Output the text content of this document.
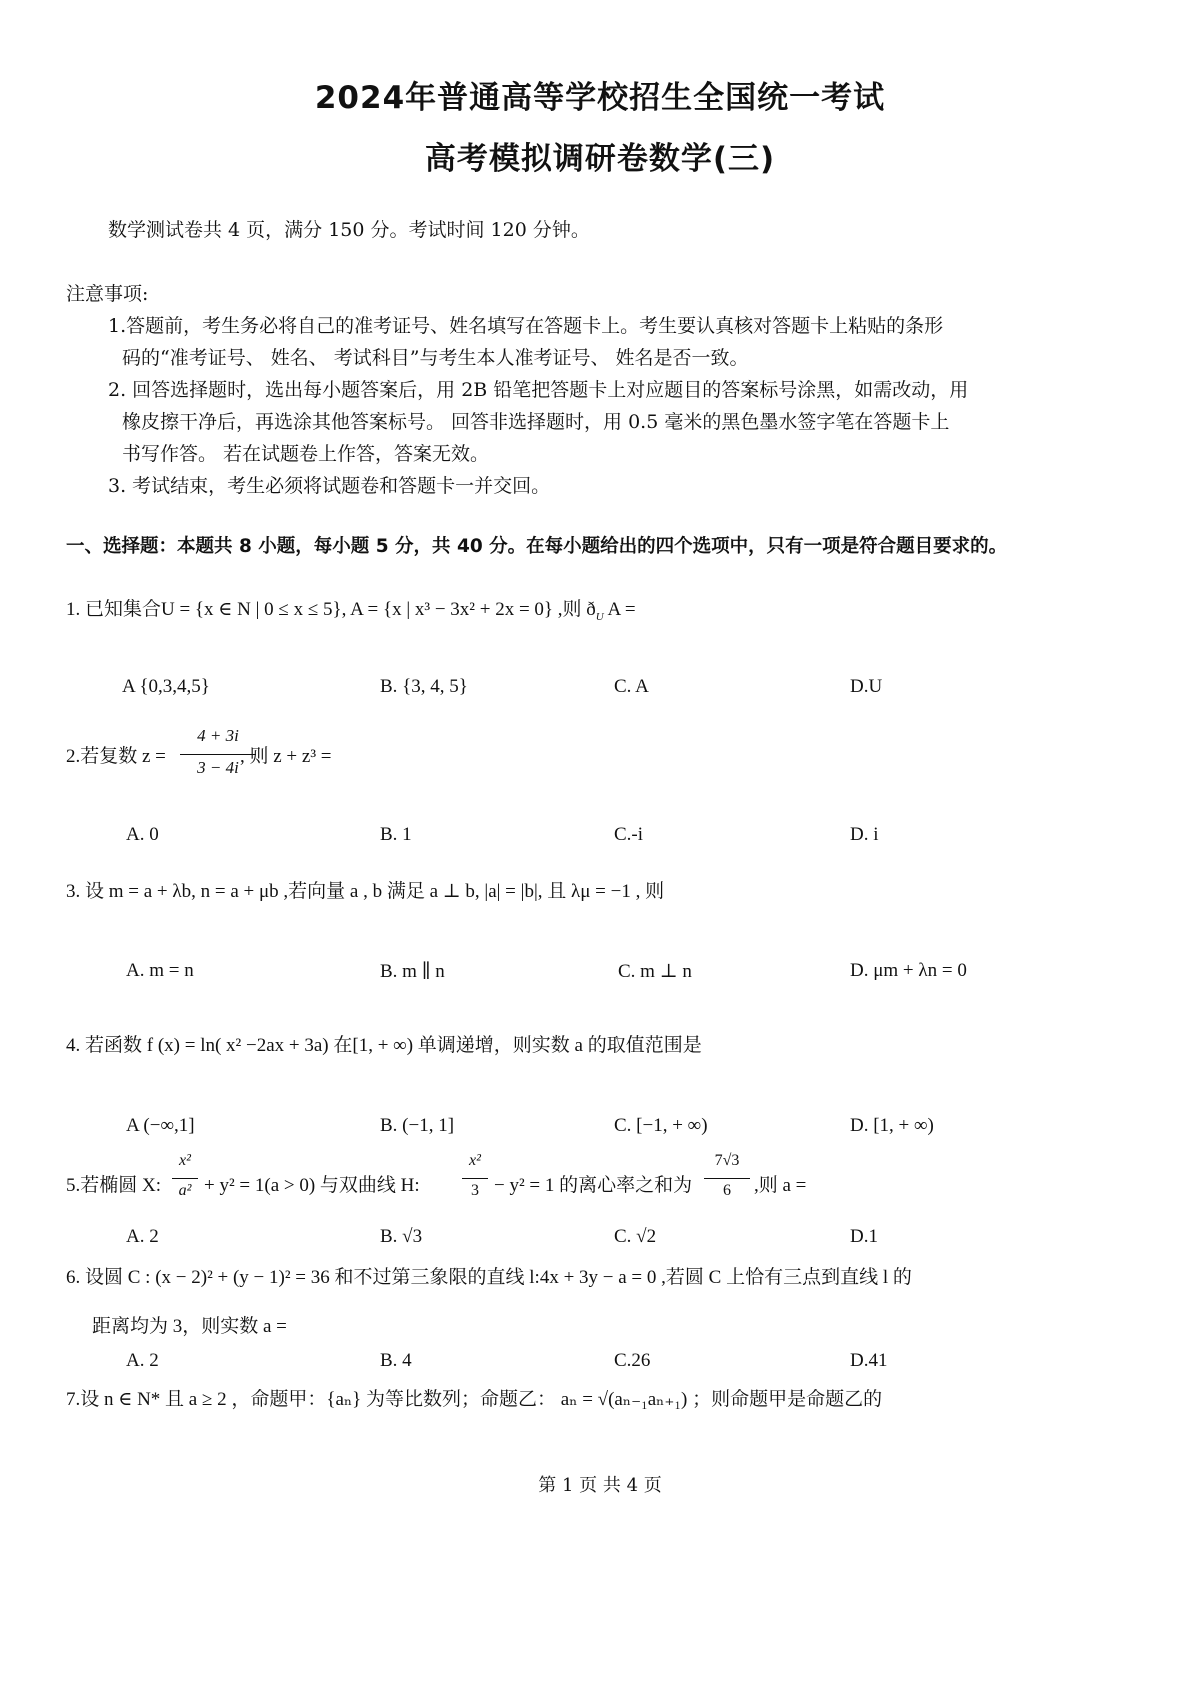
2024年普通高等学校招生全国统一考试
高考模拟调研卷数学(三)
数学测试卷共 4 页，满分 150 分。考试时间 120 分钟。
注意事项:
1.答题前，考生务必将自己的准考证号、姓名填写在答题卡上。考生要认真核对答题卡上粘贴的条形
码的“准考证号、 姓名、 考试科目”与考生本人准考证号、 姓名是否一致。
2. 回答选择题时，选出每小题答案后，用 2B 铅笔把答题卡上对应题目的答案标号涂黑，如需改动，用
橡皮擦干净后，再选涂其他答案标号。 回答非选择题时，用 0.5 毫米的黑色墨水签字笔在答题卡上
书写作答。 若在试题卷上作答，答案无效。
3. 考试结束，考生必须将试题卷和答题卡一并交回。
一、选择题：本题共 8 小题，每小题 5 分，共 40 分。在每小题给出的四个选项中，只有一项是符合题目要求的。
1. 已知集合U = {x ∈ N | 0 ≤ x ≤ 5}, A = {x | x³ − 3x² + 2x = 0} ,则 $ð_U$ A =
A {0,3,4,5}	B. {3, 4, 5}	C. A	D.U
2.若复数 z =
4 + 3i
3 − 4i
, 则 z + z³ =
A. 0	B. 1	C.-i	D. i
3. 设 m = a + λb, n = a + μb ,若向量 a , b 满足 a ⊥ b, |a| = |b|, 且 λμ = −1 , 则
A. m = n	B. m ∥ n	C. m ⊥ n	D. μm + λn = 0
4. 若函数 f (x) = ln( x² −2ax + 3a) 在[1, + ∞) 单调递增，则实数 a 的取值范围是
A (−∞,1]	B. (−1, 1]	C. [−1, + ∞)	D. [1, + ∞)
5.若椭圆 X:
x²
a² + y² = 1(a > 0) 与双曲线 H:
x²
3 − y² = 1 的离心率之和为
7√3
6	,则 a =
A. 2	B. √3	C. √2	D.1
6. 设圆 C : (x − 2)² + (y − 1)² = 36 和不过第三象限的直线 l:4x + 3y − a = 0 ,若圆 C 上恰有三点到直线 l 的
距离均为 3，则实数 a =
A. 2	B. 4	C.26	D.41
7.设 n ∈ N* 且 a ≥ 2 ，命题甲：{aₙ} 为等比数列；命题乙： aₙ = √(aₙ₋₁aₙ₊₁) ；则命题甲是命题乙的
第 1 页 共 4 页
